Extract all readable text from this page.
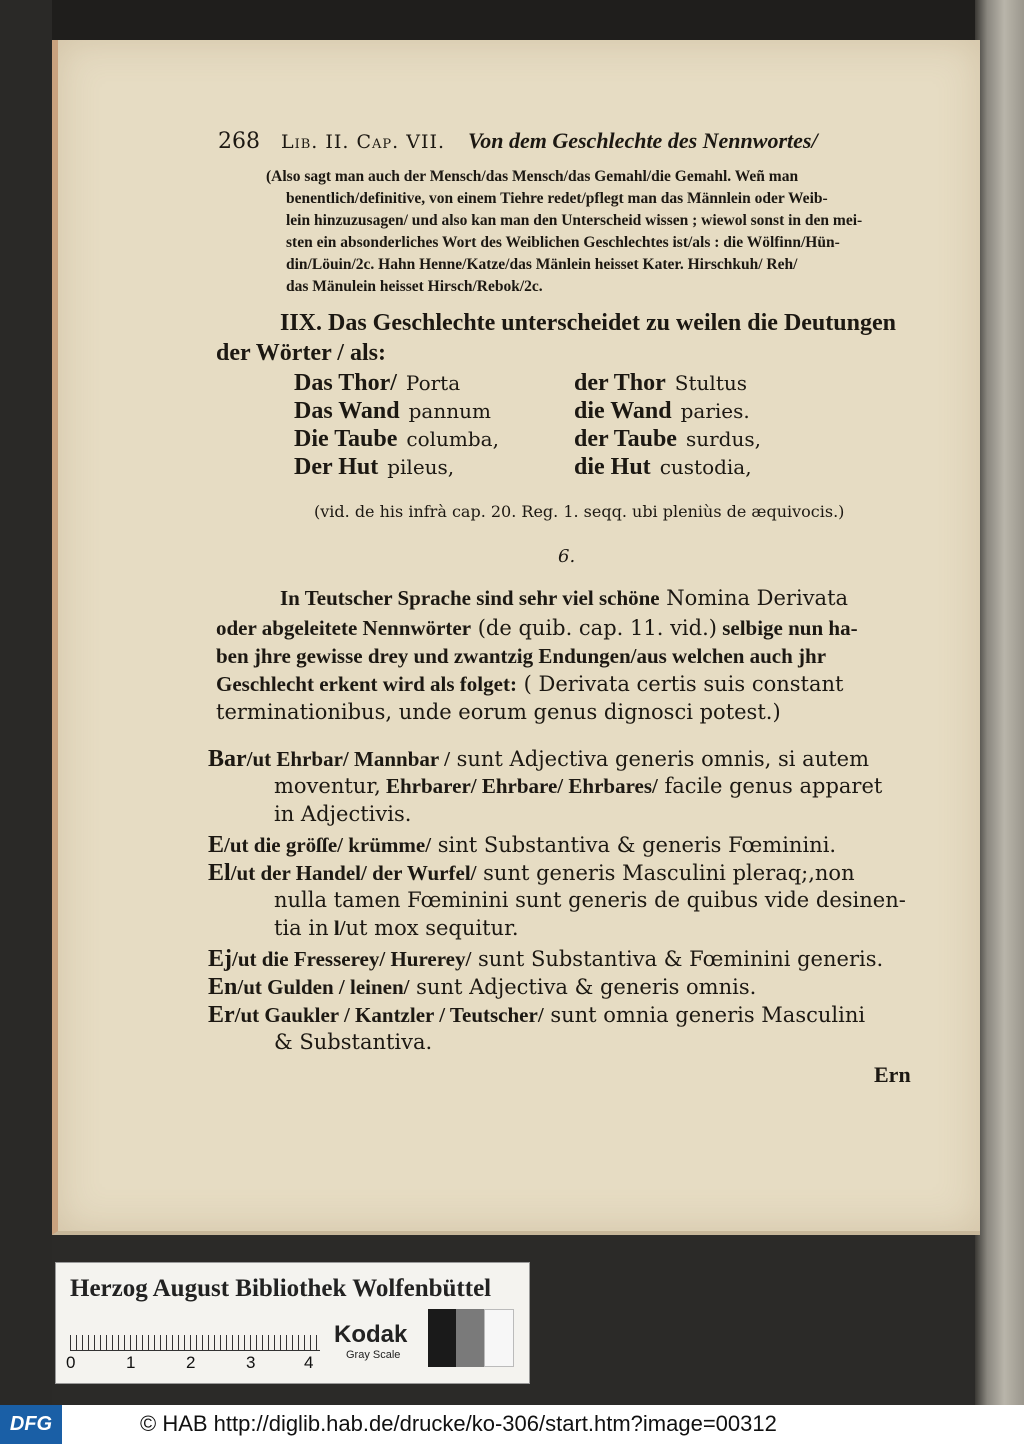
268 Lib. II. Cap. VII. Von dem Geschlechte des Nennwortes/
(Also sagt man auch der Mensch/das Mensch/das Gemahl/die Gemahl. Weñ man
benentlich/definitive, von einem Tiehre redet/pflegt man das Männlein oder Weib-
lein hinzuzusagen/ und also kan man den Unterscheid wissen ; wiewol sonst in den mei-
sten ein absonderliches Wort des Weiblichen Geschlechtes ist/als : die Wölfinn/Hün-
din/Löuin/2c. Hahn Henne/Katze/das Mänlein heisset Kater. Hirschkuh/ Reh/
das Mänulein heisset Hirsch/Rebok/2c.
IIX. Das Geschlechte unterscheidet zu weilen die Deutungen
der Wörter / als:
Das Thor/ Porta	der Thor Stultus
Das Wand pannum	die Wand paries.
Die Taube columba,	der Taube surdus,
Der Hut pileus,	die Hut custodia,
(vid. de his infrà cap. 20. Reg. 1. seqq. ubi pleniùs de æquivocis.)
6.
In Teutscher Sprache sind sehr viel schöne Nomina Derivata
oder abgeleitete Nennwörter (de quib. cap. 11. vid.) selbige nun ha-
ben jhre gewisse drey und zwantzig Endungen/aus welchen auch jhr
Geschlecht erkent wird als folget: ( Derivata certis suis constant
terminationibus, unde eorum genus dignosci potest.)
Bar/ut Ehrbar/ Mannbar / sunt Adjectiva generis omnis, si autem
moventur, Ehrbarer/ Ehrbare/ Ehrbares/ facile genus apparet
in Adjectivis.
E/ut die gröſſe/ krümme/ sint Substantiva & generis Fœminini.
El/ut der Handel/ der Wurfel/ sunt generis Masculini pleraq;,non
nulla tamen Fœminini sunt generis de quibus vide desinen-
tia in l/ut mox sequitur.
Ej/ut die Fresserey/ Hurerey/ sunt Substantiva & Fœminini generis.
En/ut Gulden / leinen/ sunt Adjectiva & generis omnis.
Er/ut Gaukler / Kantzler / Teutscher/ sunt omnia generis Masculini
& Substantiva.
Ern
Herzog August Bibliothek Wolfenbüttel
0	1	2	3	4
Kodak
Gray Scale
DFG	© HAB http://diglib.hab.de/drucke/ko-306/start.htm?image=00312
